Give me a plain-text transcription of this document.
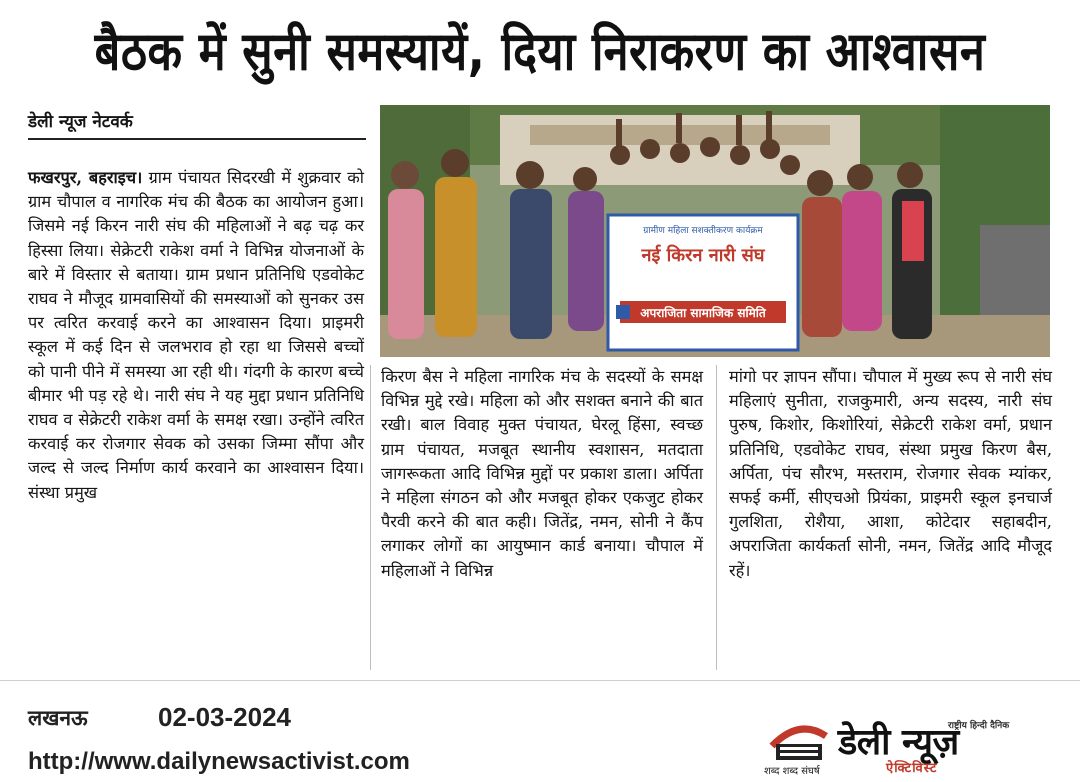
बैठक में सुनी समस्यायें, दिया निराकरण का आश्वासन
डेली न्यूज नेटवर्क
ग्रामीण महिला सशक्तीकरण कार्यक्रम
नई किरन नारी संघ
अपराजिता सामाजिक समिति
फखरपुर, बहराइच। ग्राम पंचायत सिदरखी में शुक्रवार को ग्राम चौपाल व नागरिक मंच की बैठक का आयोजन हुआ। जिसमे नई किरन नारी संघ की महिलाओं ने बढ़ चढ़ कर हिस्सा लिया। सेक्रेटरी राकेश वर्मा ने विभिन्न योजनाओं के बारे में विस्तार से बताया। ग्राम प्रधान प्रतिनिधि एडवोकेट राघव ने मौजूद ग्रामवासियों की समस्याओं को सुनकर उस पर त्वरित करवाई करने का आश्वासन दिया। प्राइमरी स्कूल में कई दिन से जलभराव हो रहा था जिससे बच्चों को पानी पीने में समस्या आ रही थी। गंदगी के कारण बच्चे बीमार भी पड़ रहे थे। नारी संघ ने यह मुद्दा प्रधान प्रतिनिधि राघव व सेक्रेटरी राकेश वर्मा के समक्ष रखा। उन्होंने त्वरित करवाई कर रोजगार सेवक को उसका जिम्मा सौंपा और जल्द से जल्द निर्माण कार्य करवाने का आश्वासन दिया। संस्था प्रमुख
किरण बैस ने महिला नागरिक मंच के सदस्यों के समक्ष विभिन्न मुद्दे रखे। महिला को और सशक्त बनाने की बात रखी। बाल विवाह मुक्त पंचायत, घेरलू हिंसा, स्वच्छ ग्राम पंचायत, मजबूत स्थानीय स्वशासन, मतदाता जागरूकता आदि विभिन्न मुद्दों पर प्रकाश डाला। अर्पिता ने महिला संगठन को और मजबूत होकर एकजुट होकर पैरवी करने की बात कही। जितेंद्र, नमन, सोनी ने कैंप लगाकर लोगों का आयुष्मान कार्ड बनाया। चौपाल में महिलाओं ने विभिन्न
मांगो पर ज्ञापन सौंपा। चौपाल में मुख्य रूप से नारी संघ महिलाएं सुनीता, राजकुमारी, अन्य सदस्य, नारी संघ पुरुष, किशोर, किशोरियां, सेक्रेटरी राकेश वर्मा, प्रधान प्रतिनिधि, एडवोकेट राघव, संस्था प्रमुख किरण बैस, अर्पिता, पंच सौरभ, मस्तराम, रोजगार सेवक म्यांकर, सफई कर्मी, सीएचओ प्रियंका, प्राइमरी स्कूल इनचार्ज गुलशिता, रोशैया, आशा, कोटेदार सहाबदीन, अपराजिता कार्यकर्ता सोनी, नमन, जितेंद्र आदि मौजूद रहें।
लखनऊ	02-03-2024
http://www.dailynewsactivist.com
राष्ट्रीय हिन्दी दैनिक
डेली न्यूज़
ऐक्टिविस्ट
शब्द शब्द संघर्ष
